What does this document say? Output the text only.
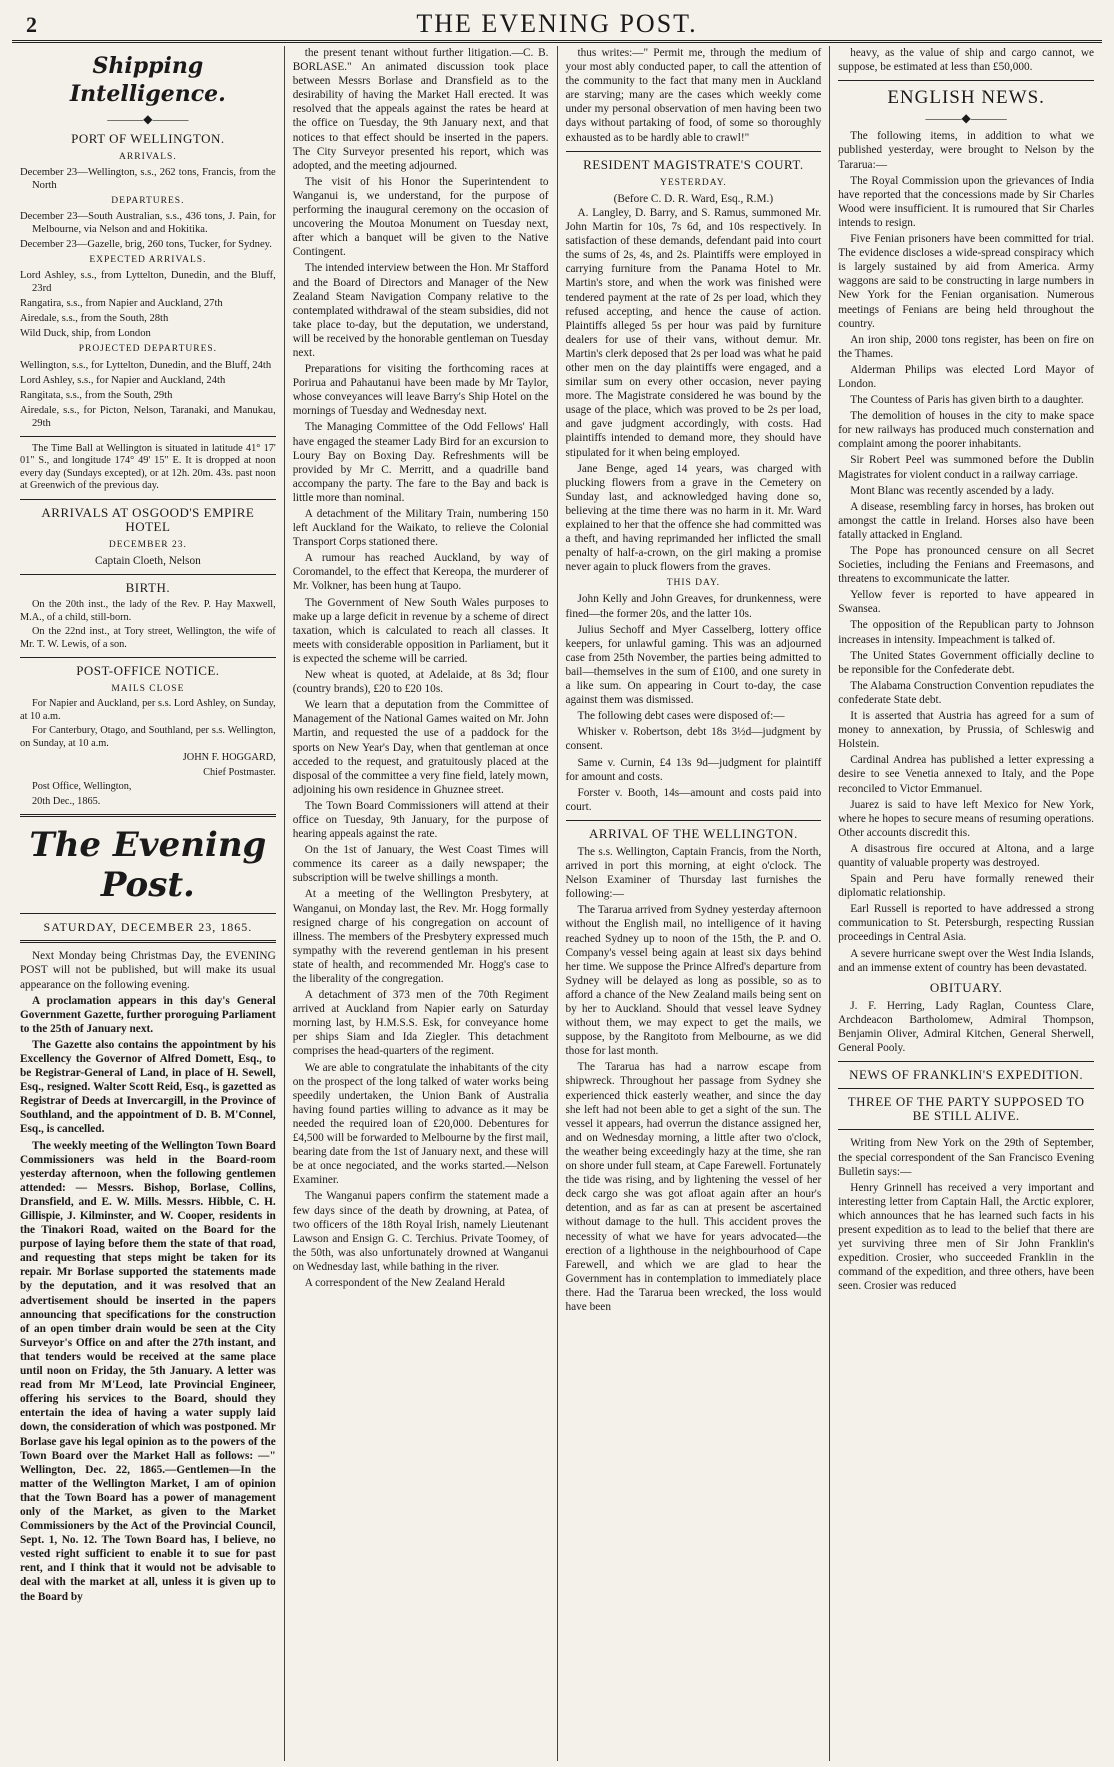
2	THE EVENING POST.
Shipping Intelligence.
———◆———
PORT OF WELLINGTON.
ARRIVALS.
December 23—Wellington, s.s., 262 tons, Francis, from the North
DEPARTURES.
December 23—South Australian, s.s., 436 tons, J. Pain, for Melbourne, via Nelson and and Hokitika.
December 23—Gazelle, brig, 260 tons, Tucker, for Sydney.
EXPECTED ARRIVALS.
Lord Ashley, s.s., from Lyttelton, Dunedin, and the Bluff, 23rd
Rangatira, s.s., from Napier and Auckland, 27th
Airedale, s.s., from the South, 28th
Wild Duck, ship, from London
PROJECTED DEPARTURES.
Wellington, s.s., for Lyttelton, Dunedin, and the Bluff, 24th
Lord Ashley, s.s., for Napier and Auckland, 24th
Rangitata, s.s., from the South, 29th
Airedale, s.s., for Picton, Nelson, Taranaki, and Manukau, 29th

The Time Ball at Wellington is situated in latitude 41° 17' 01" S., and longitude 174° 49' 15" E. It is dropped at noon every day (Sundays excepted), or at 12h. 20m. 43s. past noon at Greenwich of the previous day.

ARRIVALS AT OSGOOD'S EMPIRE HOTEL
DECEMBER 23.
Captain Cloeth, Nelson
BIRTH.

On the 20th inst., the lady of the Rev. P. Hay Maxwell, M.A., of a child, still-born.

On the 22nd inst., at Tory street, Wellington, the wife of Mr. T. W. Lewis, of a son.

POST-OFFICE NOTICE.
MAILS CLOSE

For Napier and Auckland, per s.s. Lord Ashley, on Sunday, at 10 a.m.

For Canterbury, Otago, and Southland, per s.s. Wellington, on Sunday, at 10 a.m.

JOHN F. HOGGARD,

Chief Postmaster.

Post Office, Wellington,

20th Dec., 1865.

The Evening Post.
SATURDAY, DECEMBER 23, 1865.

Next Monday being Christmas Day, the EVENING POST will not be published, but will make its usual appearance on the following evening.

A proclamation appears in this day's General Government Gazette, further proroguing Parliament to the 25th of January next.

The Gazette also contains the appointment by his Excellency the Governor of Alfred Domett, Esq., to be Registrar-General of Land, in place of H. Sewell, Esq., resigned. Walter Scott Reid, Esq., is gazetted as Registrar of Deeds at Invercargill, in the Province of Southland, and the appointment of D. B. M'Connel, Esq., is cancelled.

The weekly meeting of the Wellington Town Board Commissioners was held in the Board-room yesterday afternoon, when the following gentlemen attended: — Messrs. Bishop, Borlase, Collins, Dransfield, and E. W. Mills. Messrs. Hibble, C. H. Gillispie, J. Kilminster, and W. Cooper, residents in the Tinakori Road, waited on the Board for the purpose of laying before them the state of that road, and requesting that steps might be taken for its repair. Mr Borlase supported the statements made by the deputation, and it was resolved that an advertisement should be inserted in the papers announcing that specifications for the construction of an open timber drain would be seen at the City Surveyor's Office on and after the 27th instant, and that tenders would be received at the same place until noon on Friday, the 5th January. A letter was read from Mr M'Leod, late Provincial Engineer, offering his services to the Board, should they entertain the idea of having a water supply laid down, the consideration of which was postponed. Mr Borlase gave his legal opinion as to the powers of the Town Board over the Market Hall as follows: —" Wellington, Dec. 22, 1865.—Gentlemen—In the matter of the Wellington Market, I am of opinion that the Town Board has a power of management only of the Market, as given to the Market Commissioners by the Act of the Provincial Council, Sept. 1, No. 12. The Town Board has, I believe, no vested right sufficient to enable it to sue for past rent, and I think that it would not be advisable to deal with the market at all, unless it is given up to the Board by

the present tenant without further litigation.—C. B. BORLASE." An animated discussion took place between Messrs Borlase and Dransfield as to the desirability of having the Market Hall erected. It was resolved that the appeals against the rates be heard at the office on Tuesday, the 9th January next, and that notices to that effect should be inserted in the papers. The City Surveyor presented his report, which was adopted, and the meeting adjourned.

The visit of his Honor the Superintendent to Wanganui is, we understand, for the purpose of performing the inaugural ceremony on the occasion of uncovering the Moutoa Monument on Tuesday next, after which a banquet will be given to the Native Contingent.

The intended interview between the Hon. Mr Stafford and the Board of Directors and Manager of the New Zealand Steam Navigation Company relative to the contemplated withdrawal of the steam subsidies, did not take place to-day, but the deputation, we understand, will be received by the honorable gentleman on Tuesday next.

Preparations for visiting the forthcoming races at Porirua and Pahautanui have been made by Mr Taylor, whose conveyances will leave Barry's Ship Hotel on the mornings of Tuesday and Wednesday next.

The Managing Committee of the Odd Fellows' Hall have engaged the steamer Lady Bird for an excursion to Loury Bay on Boxing Day. Refreshments will be provided by Mr C. Merritt, and a quadrille band accompany the party. The fare to the Bay and back is little more than nominal.

A detachment of the Military Train, numbering 150 left Auckland for the Waikato, to relieve the Colonial Transport Corps stationed there.

A rumour has reached Auckland, by way of Coromandel, to the effect that Kereopa, the murderer of Mr. Volkner, has been hung at Taupo.

The Government of New South Wales purposes to make up a large deficit in revenue by a scheme of direct taxation, which is calculated to reach all classes. It meets with considerable opposition in Parliament, but it is expected the scheme will be carried.

New wheat is quoted, at Adelaide, at 8s 3d; flour (country brands), £20 to £20 10s.

We learn that a deputation from the Committee of Management of the National Games waited on Mr. John Martin, and requested the use of a paddock for the sports on New Year's Day, when that gentleman at once acceded to the request, and gratuitously placed at the disposal of the committee a very fine field, lately mown, adjoining his own residence in Ghuznee street.

The Town Board Commissioners will attend at their office on Tuesday, 9th January, for the purpose of hearing appeals against the rate.

On the 1st of January, the West Coast Times will commence its career as a daily newspaper; the subscription will be twelve shillings a month.

At a meeting of the Wellington Presbytery, at Wanganui, on Monday last, the Rev. Mr. Hogg formally resigned charge of his congregation on account of illness. The members of the Presbytery expressed much sympathy with the reverend gentleman in his present state of health, and recommended Mr. Hogg's case to the liberality of the congregation.

A detachment of 373 men of the 70th Regiment arrived at Auckland from Napier early on Saturday morning last, by H.M.S.S. Esk, for conveyance home per ships Siam and Ida Ziegler. This detachment comprises the head-quarters of the regiment.

We are able to congratulate the inhabitants of the city on the prospect of the long talked of water works being speedily undertaken, the Union Bank of Australia having found parties willing to advance as it may be needed the required loan of £20,000. Debentures for £4,500 will be forwarded to Melbourne by the first mail, bearing date from the 1st of January next, and these will be at once negociated, and the works started.—Nelson Examiner.

The Wanganui papers confirm the statement made a few days since of the death by drowning, at Patea, of two officers of the 18th Royal Irish, namely Lieutenant Lawson and Ensign G. C. Terchius. Private Toomey, of the 50th, was also unfortunately drowned at Wanganui on Wednesday last, while bathing in the river.

A correspondent of the New Zealand Herald

thus writes:—" Permit me, through the medium of your most ably conducted paper, to call the attention of the community to the fact that many men in Auckland are starving; many are the cases which weekly come under my personal observation of men having been two days without partaking of food, of some so thoroughly exhausted as to be hardly able to crawl!"

RESIDENT MAGISTRATE'S COURT.
YESTERDAY.
(Before C. D. R. Ward, Esq., R.M.)

A. Langley, D. Barry, and S. Ramus, summoned Mr. John Martin for 10s, 7s 6d, and 10s respectively. In satisfaction of these demands, defendant paid into court the sums of 2s, 4s, and 2s. Plaintiffs were employed in carrying furniture from the Panama Hotel to Mr. Martin's store, and when the work was finished were tendered payment at the rate of 2s per load, which they refused accepting, and hence the cause of action. Plaintiffs alleged 5s per hour was paid by furniture dealers for use of their vans, without demur. Mr. Martin's clerk deposed that 2s per load was what he paid other men on the day plaintiffs were engaged, and a similar sum on every other occasion, never paying more. The Magistrate considered he was bound by the usage of the place, which was proved to be 2s per load, and gave judgment accordingly, with costs. Had plaintiffs intended to demand more, they should have stipulated for it when being employed.

Jane Benge, aged 14 years, was charged with plucking flowers from a grave in the Cemetery on Sunday last, and acknowledged having done so, believing at the time there was no harm in it. Mr. Ward explained to her that the offence she had committed was a theft, and having reprimanded her inflicted the small penalty of half-a-crown, on the girl making a promise never again to pluck flowers from the graves.

THIS DAY.

John Kelly and John Greaves, for drunkenness, were fined—the former 20s, and the latter 10s.

Julius Sechoff and Myer Casselberg, lottery office keepers, for unlawful gaming. This was an adjourned case from 25th November, the parties being admitted to bail—themselves in the sum of £100, and one surety in a like sum. On appearing in Court to-day, the case against them was dismissed.

The following debt cases were disposed of:—

Whisker v. Robertson, debt 18s 3½d—judgment by consent.

Same v. Curnin, £4 13s 9d—judgment for plaintiff for amount and costs.

Forster v. Booth, 14s—amount and costs paid into court.

ARRIVAL OF THE WELLINGTON.

The s.s. Wellington, Captain Francis, from the North, arrived in port this morning, at eight o'clock. The Nelson Examiner of Thursday last furnishes the following:—

The Tararua arrived from Sydney yesterday afternoon without the English mail, no intelligence of it having reached Sydney up to noon of the 15th, the P. and O. Company's vessel being again at least six days behind her time. We suppose the Prince Alfred's departure from Sydney will be delayed as long as possible, so as to afford a chance of the New Zealand mails being sent on by her to Auckland. Should that vessel leave Sydney without them, we may expect to get the mails, we suppose, by the Rangitoto from Melbourne, as we did those for last month.

The Tararua has had a narrow escape from shipwreck. Throughout her passage from Sydney she experienced thick easterly weather, and since the day she left had not been able to get a sight of the sun. The vessel it appears, had overrun the distance assigned her, and on Wednesday morning, a little after two o'clock, the weather being exceedingly hazy at the time, she ran on shore under full steam, at Cape Farewell. Fortunately the tide was rising, and by lightening the vessel of her deck cargo she was got afloat again after an hour's detention, and as far as can at present be ascertained without damage to the hull. This accident proves the necessity of what we have for years advocated—the erection of a lighthouse in the neighbourhood of Cape Farewell, and which we are glad to hear the Government has in contemplation to immediately place there. Had the Tararua been wrecked, the loss would have been

heavy, as the value of ship and cargo cannot, we suppose, be estimated at less than £50,000.

ENGLISH NEWS.
———◆———

The following items, in addition to what we published yesterday, were brought to Nelson by the Tararua:—

The Royal Commission upon the grievances of India have reported that the concessions made by Sir Charles Wood were insufficient. It is rumoured that Sir Charles intends to resign.

Five Fenian prisoners have been committed for trial. The evidence discloses a wide-spread conspiracy which is largely sustained by aid from America. Army waggons are said to be constructing in large numbers in New York for the Fenian organisation. Numerous meetings of Fenians are being held throughout the country.

An iron ship, 2000 tons register, has been on fire on the Thames.

Alderman Philips was elected Lord Mayor of London.

The Countess of Paris has given birth to a daughter.

The demolition of houses in the city to make space for new railways has produced much consternation and complaint among the poorer inhabitants.

Sir Robert Peel was summoned before the Dublin Magistrates for violent conduct in a railway carriage.

Mont Blanc was recently ascended by a lady.

A disease, resembling farcy in horses, has broken out amongst the cattle in Ireland. Horses also have been fatally attacked in England.

The Pope has pronounced censure on all Secret Societies, including the Fenians and Freemasons, and threatens to excommunicate the latter.

Yellow fever is reported to have appeared in Swansea.

The opposition of the Republican party to Johnson increases in intensity. Impeachment is talked of.

The United States Government officially decline to be reponsible for the Confederate debt.

The Alabama Construction Convention repudiates the confederate State debt.

It is asserted that Austria has agreed for a sum of money to annexation, by Prussia, of Schleswig and Holstein.

Cardinal Andrea has published a letter expressing a desire to see Venetia annexed to Italy, and the Pope reconciled to Victor Emmanuel.

Juarez is said to have left Mexico for New York, where he hopes to secure means of resuming operations. Other accounts discredit this.

A disastrous fire occured at Altona, and a large quantity of valuable property was destroyed.

Spain and Peru have formally renewed their diplomatic relationship.

Earl Russell is reported to have addressed a strong communication to St. Petersburgh, respecting Russian proceedings in Central Asia.

A severe hurricane swept over the West India Islands, and an immense extent of country has been devastated.

OBITUARY.

J. F. Herring, Lady Raglan, Countess Clare, Archdeacon Bartholomew, Admiral Thompson, Benjamin Oliver, Admiral Kitchen, General Sherwell, General Pooly.

NEWS OF FRANKLIN'S EXPEDITION.
THREE OF THE PARTY SUPPOSED TO BE STILL ALIVE.

Writing from New York on the 29th of September, the special correspondent of the San Francisco Evening Bulletin says:—

Henry Grinnell has received a very important and interesting letter from Captain Hall, the Arctic explorer, which announces that he has learned such facts in his present expedition as to lead to the belief that there are yet surviving three men of Sir John Franklin's expedition. Crosier, who succeeded Franklin in the command of the expedition, and three others, have been seen. Crosier was reduced
